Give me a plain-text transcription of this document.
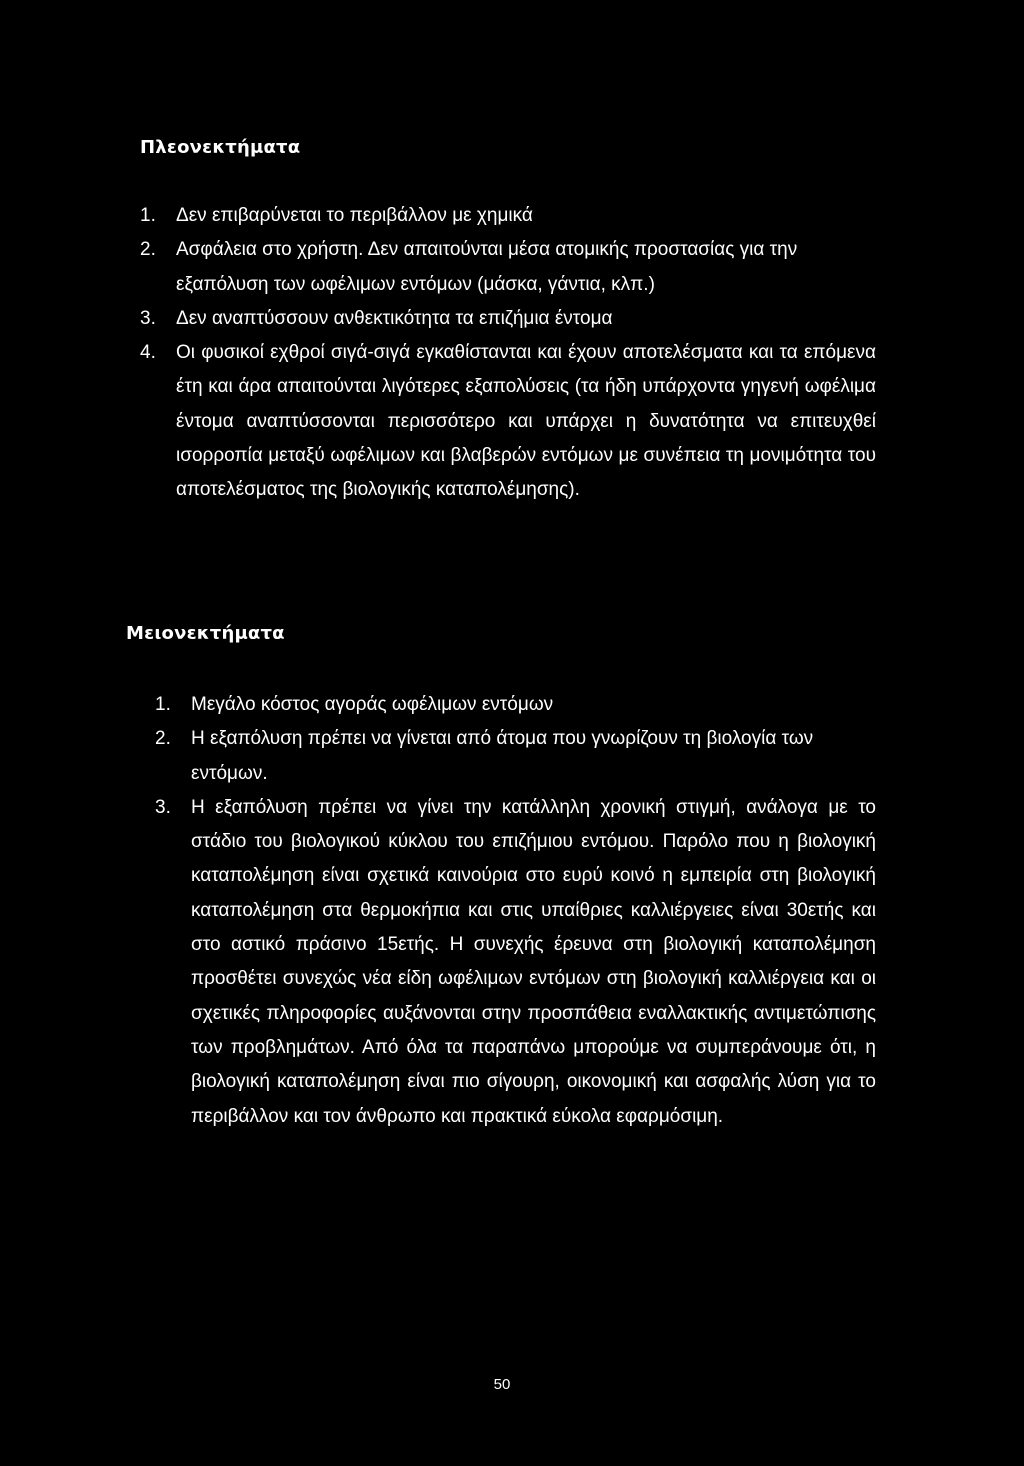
Πλεονεκτήματα
1. Δεν επιβαρύνεται το περιβάλλον με χημικά
2. Ασφάλεια στο χρήστη. Δεν απαιτούνται μέσα ατομικής προστασίας για την εξαπόλυση των ωφέλιμων εντόμων (μάσκα, γάντια, κλπ.)
3. Δεν αναπτύσσουν ανθεκτικότητα τα επιζήμια έντομα
4. Οι φυσικοί εχθροί σιγά-σιγά εγκαθίστανται και έχουν αποτελέσματα και τα επόμενα έτη και άρα απαιτούνται λιγότερες εξαπολύσεις (τα ήδη υπάρχοντα γηγενή ωφέλιμα έντομα αναπτύσσονται περισσότερο και υπάρχει η δυνατότητα να επιτευχθεί ισορροπία μεταξύ ωφέλιμων και βλαβερών εντόμων με συνέπεια τη μονιμότητα του αποτελέσματος της βιολογικής καταπολέμησης).
Μειονεκτήματα
1. Μεγάλο κόστος αγοράς ωφέλιμων εντόμων
2. Η εξαπόλυση πρέπει να γίνεται από άτομα που γνωρίζουν τη βιολογία των εντόμων.
3. Η εξαπόλυση πρέπει να γίνει την κατάλληλη χρονική στιγμή, ανάλογα με το στάδιο του βιολογικού κύκλου του επιζήμιου εντόμου. Παρόλο που η βιολογική καταπολέμηση είναι σχετικά καινούρια στο ευρύ κοινό η εμπειρία στη βιολογική καταπολέμηση στα θερμοκήπια και στις υπαίθριες καλλιέργειες είναι 30ετής και στο αστικό πράσινο 15ετής. Η συνεχής έρευνα στη βιολογική καταπολέμηση προσθέτει συνεχώς νέα είδη ωφέλιμων εντόμων στη βιολογική καλλιέργεια και οι σχετικές πληροφορίες αυξάνονται στην προσπάθεια εναλλακτικής αντιμετώπισης των προβλημάτων. Από όλα τα παραπάνω μπορούμε να συμπεράνουμε ότι, η βιολογική καταπολέμηση είναι πιο σίγουρη, οικονομική και ασφαλής λύση για το περιβάλλον και τον άνθρωπο και πρακτικά εύκολα εφαρμόσιμη.
50
